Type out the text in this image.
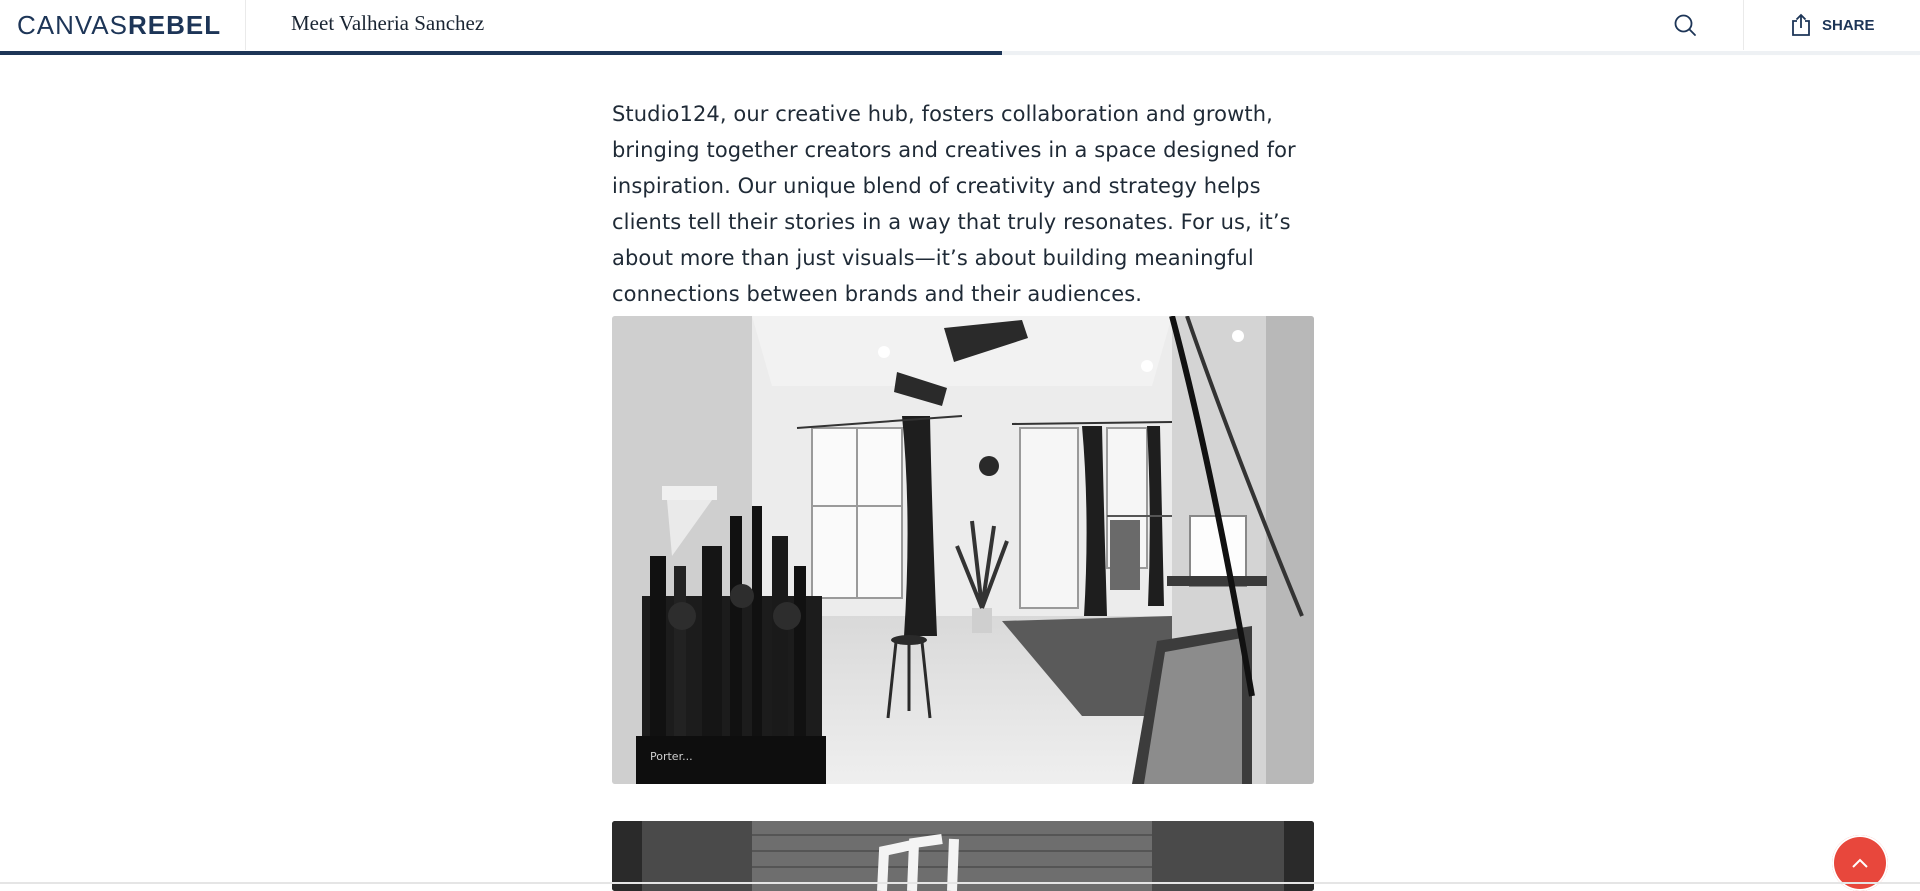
CANVASREBEL	Meet Valheria Sanchez	SHARE

Studio124, our creative hub, fosters collaboration and growth, bringing together creators and creatives in a space designed for inspiration. Our unique blend of creativity and strategy helps clients tell their stories in a way that truly resonates. For us, it’s about more than just visuals—it’s about building meaningful connections between brands and their audiences.

Porter...
